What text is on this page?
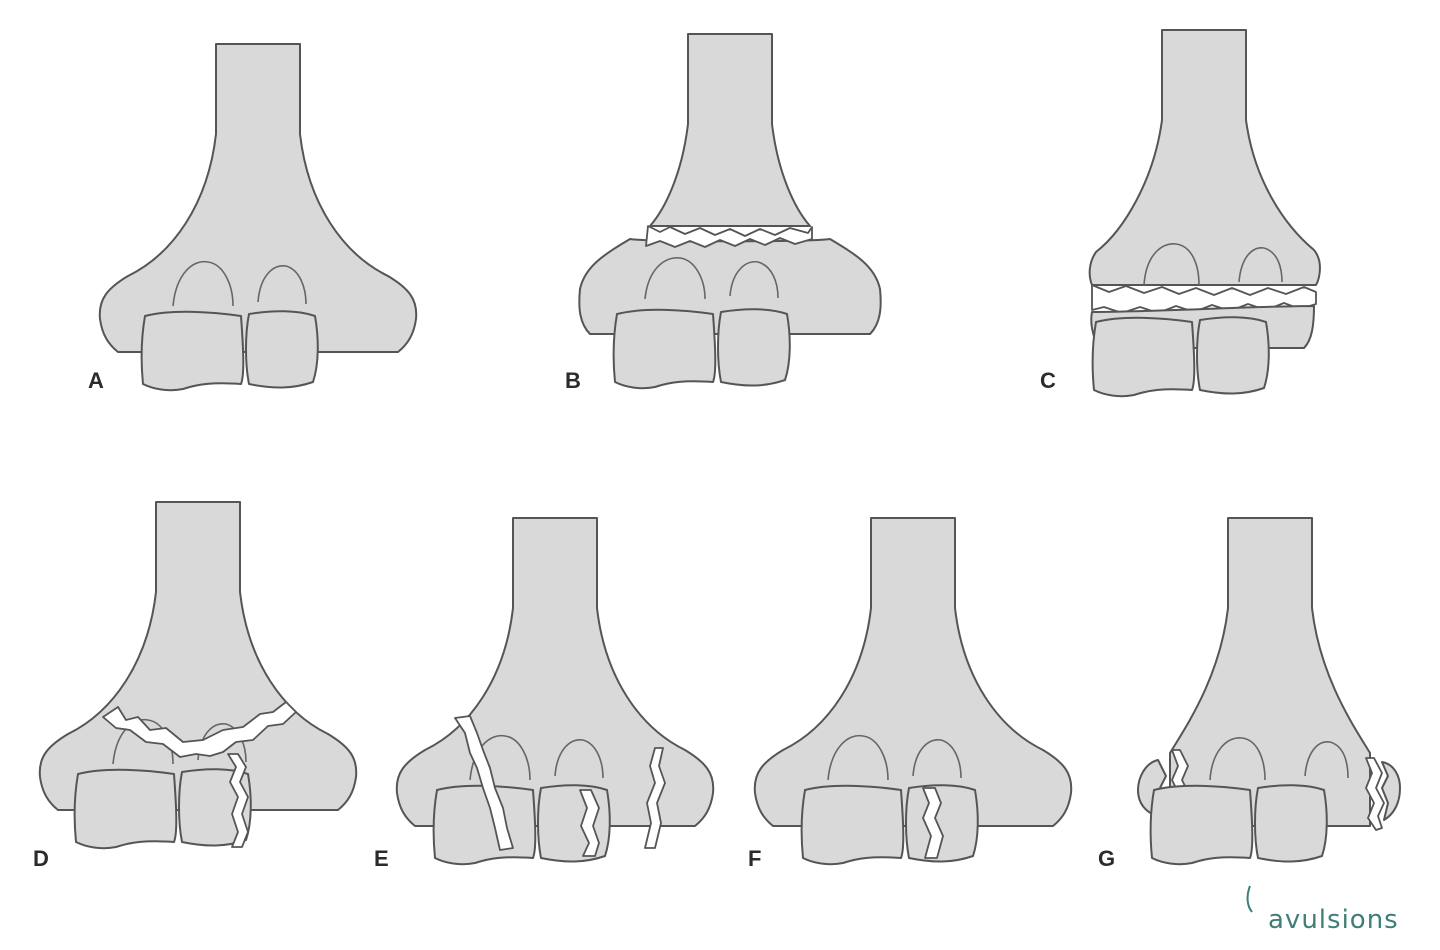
A	B	C
D	E	F	G
avulsions
